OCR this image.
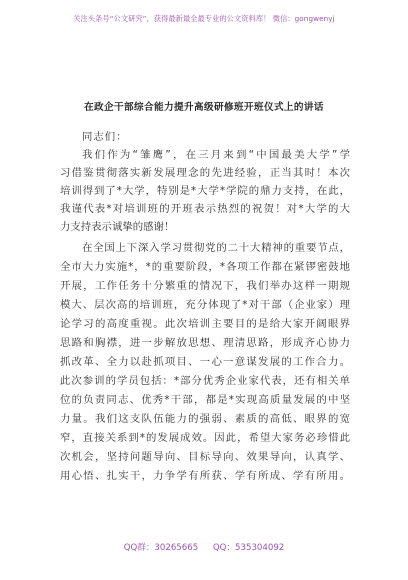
关注头条号“公文研究”，获得最新最全最专业的公文资料库！ 微信：gongwenyj
在政企干部综合能力提升高级研修班开班仪式上的讲话
同志们：
我们作为“雏鹰”，在三月来到“中国最美大学”学
习借鉴贯彻落实新发展理念的先进经验，正当其时！本次
培训得到了*大学，特别是*大学*学院的鼎力支持，在此，
我谨代表*对培训班的开班表示热烈的祝贺！对*大学的大
力支持表示诚挚的感谢！
在全国上下深入学习贯彻党的二十大精神的重要节点，
全市大力实施*，*的重要阶段，*各项工作都在紧锣密鼓地
开展，工作任务十分繁重的情况下，我们举办这样一期规
模大、层次高的培训班，充分体现了*对干部（企业家）理
论学习的高度重视。此次培训主要目的是给大家开阔眼界
思路和胸襟，进一步解放思想、理清思路，形成齐心协力
抓改革、全力以赴抓项目、一心一意谋发展的工作合力。
此次参训的学员包括：*部分优秀企业家代表，还有相关单
位的负责同志、优秀*干部，都是*实现高质量发展的中坚
力量。我们这支队伍能力的强弱、素质的高低、眼界的宽
窄，直接关系到*的发展成效。因此，希望大家务必珍惜此
次机会，坚持问题导向、目标导向、效果导向，认真学、
用心悟、扎实干，力争学有所获、学有所成、学有所用。
QQ群：30265665 QQ：535304092
